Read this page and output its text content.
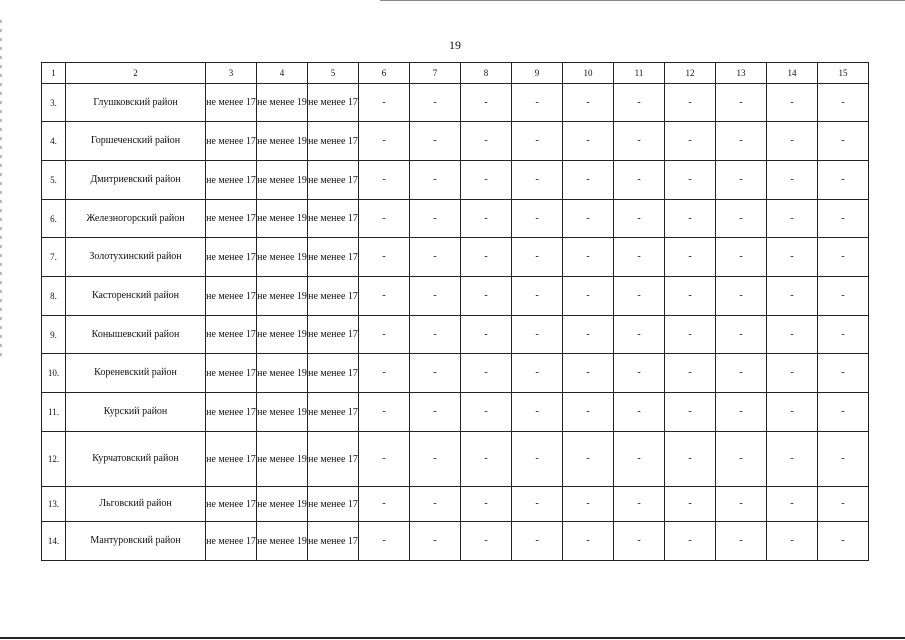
19
1	2	3	4	5	6	7	8	9	10	11	12	13	14	15
3.	Глушковский район	не менее 17	не менее 19	не менее 17	-	-	-	-	-	-	-	-	-	-
4.	Горшеченский район	не менее 17	не менее 19	не менее 17	-	-	-	-	-	-	-	-	-	-
5.	Дмитриевский район	не менее 17	не менее 19	не менее 17	-	-	-	-	-	-	-	-	-	-
6.	Железногорский район	не менее 17	не менее 19	не менее 17	-	-	-	-	-	-	-	-	-	-
7.	Золотухинский район	не менее 17	не менее 19	не менее 17	-	-	-	-	-	-	-	-	-	-
8.	Касторенский район	не менее 17	не менее 19	не менее 17	-	-	-	-	-	-	-	-	-	-
9.	Конышевский район	не менее 17	не менее 19	не менее 17	-	-	-	-	-	-	-	-	-	-
10.	Кореневский район	не менее 17	не менее 19	не менее 17	-	-	-	-	-	-	-	-	-	-
11.	Курский район	не менее 17	не менее 19	не менее 17	-	-	-	-	-	-	-	-	-	-
12.	Курчатовский район	не менее 17	не менее 19	не менее 17	-	-	-	-	-	-	-	-	-	-
13.	Льговский район	не менее 17	не менее 19	не менее 17	-	-	-	-	-	-	-	-	-	-
14.	Мантуровский район	не менее 17	не менее 19	не менее 17	-	-	-	-	-	-	-	-	-	-
